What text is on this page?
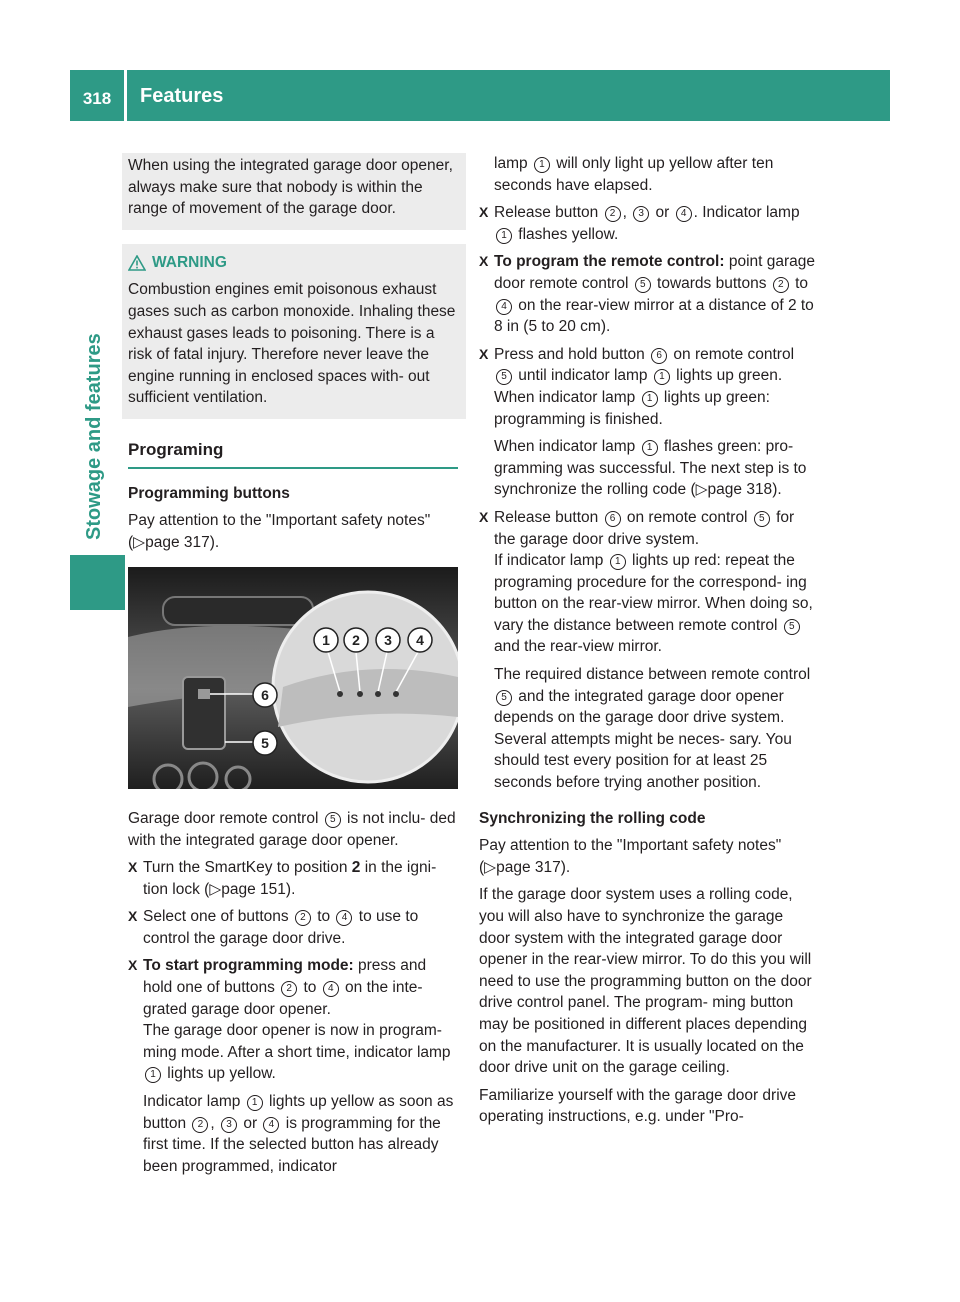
318	Features
Stowage and features

When using the integrated garage door opener, always make sure that nobody is within the range of movement of the garage door.

WARNING

Combustion engines emit poisonous exhaust gases such as carbon monoxide. Inhaling these exhaust gases leads to poisoning. There is a risk of fatal injury. Therefore never leave the engine running in enclosed spaces with- out sufficient ventilation.

Programing
Programming buttons

Pay attention to the "Important safety notes" (▷page 317).

1 2 3 4
5
6

Garage door remote control 5 is not inclu- ded with the integrated garage door opener.

X Turn the SmartKey to position 2 in the igni- tion lock (▷page 151).
X Select one of buttons 2 to 4 to use to control the garage door drive.
X To start programming mode: press and hold one of buttons 2 to 4 on the inte- grated garage door opener.
The garage door opener is now in program- ming mode. After a short time, indicator lamp 1 lights up yellow.

Indicator lamp 1 lights up yellow as soon as button 2 , 3 or 4 is programming for the first time. If the selected button has already been programmed, indicator

lamp 1 will only light up yellow after ten seconds have elapsed.

X Release button 2 , 3 or 4 . Indicator lamp 1 flashes yellow.
X To program the remote control: point garage door remote control 5 towards buttons 2 to 4 on the rear-view mirror at a distance of 2 to 8 in (5 to 20 cm).
X Press and hold button 6 on remote control 5 until indicator lamp 1 lights up green. When indicator lamp 1 lights up green: programming is finished.

When indicator lamp 1 flashes green: pro- gramming was successful. The next step is to synchronize the rolling code (▷page 318).

X Release button 6 on remote control 5 for the garage door drive system.
If indicator lamp 1 lights up red: repeat the programing procedure for the correspond- ing button on the rear-view mirror. When doing so, vary the distance between remote control 5 and the rear-view mirror.

The required distance between remote control 5 and the integrated garage door opener depends on the garage door drive system. Several attempts might be neces- sary. You should test every position for at least 25 seconds before trying another position.

Synchronizing the rolling code

Pay attention to the "Important safety notes" (▷page 317).

If the garage door system uses a rolling code, you will also have to synchronize the garage door system with the integrated garage door opener in the rear-view mirror. To do this you will need to use the programming button on the door drive control panel. The program- ming button may be positioned in different places depending on the manufacturer. It is usually located on the door drive unit on the garage ceiling.

Familiarize yourself with the garage door drive operating instructions, e.g. under "Pro-
